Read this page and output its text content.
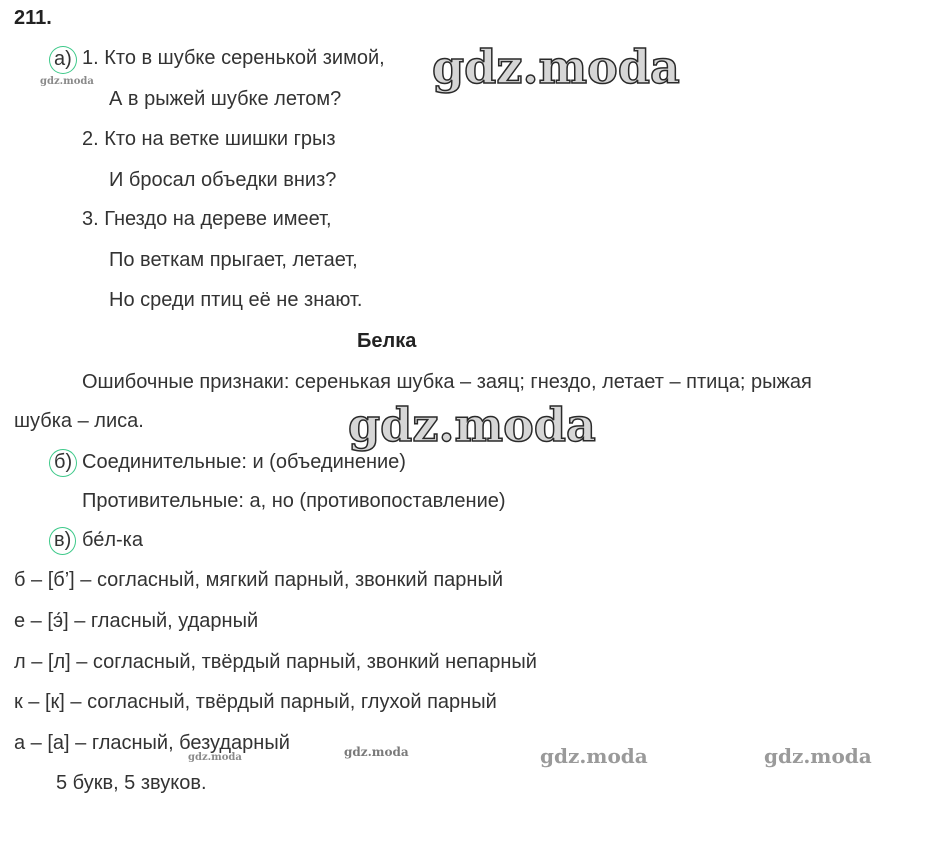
211.
а) 1. Кто в шубке серенькой зимой,
А в рыжей шубке летом?
2. Кто на ветке шишки грыз
И бросал объедки вниз?
3. Гнездо на дереве имеет,
По веткам прыгает, летает,
Но среди птиц её не знают.
Белка
Ошибочные признаки: серенькая шубка – заяц; гнездо, летает – птица; рыжая
шубка – лиса.
б) Соединительные: и (объединение)
Противительные: а, но (противопоставление)
в) бе́л-ка
б – [б’] – согласный, мягкий парный, звонкий парный
е – [э́] – гласный, ударный
л – [л] – согласный, твёрдый парный, звонкий непарный
к – [к] – согласный, твёрдый парный, глухой парный
а – [а] – гласный, безударный
5 букв, 5 звуков.
gdz.moda
gdz.moda
gdz.moda
gdz.moda
gdz.moda	gdz.moda	gdz.moda
